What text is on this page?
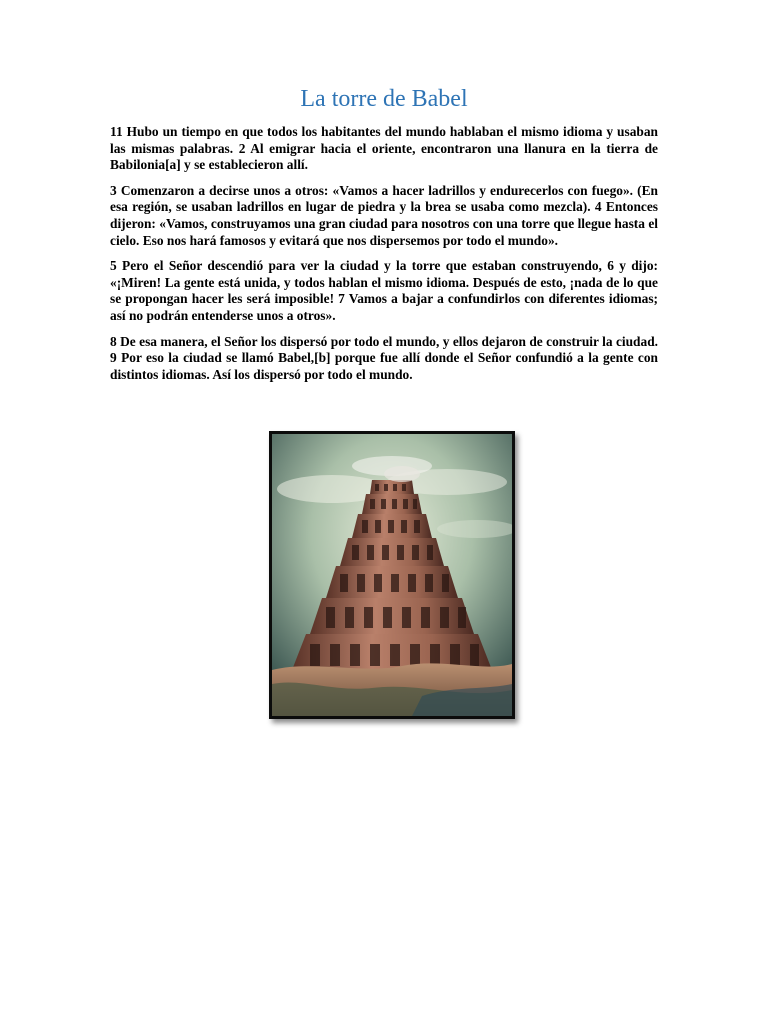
La torre de Babel

11 Hubo un tiempo en que todos los habitantes del mundo hablaban el mismo idioma y usaban las mismas palabras. 2 Al emigrar hacia el oriente, encontraron una llanura en la tierra de Babilonia[a] y se establecieron allí.

3 Comenzaron a decirse unos a otros: «Vamos a hacer ladrillos y endurecerlos con fuego». (En esa región, se usaban ladrillos en lugar de piedra y la brea se usaba como mezcla). 4 Entonces dijeron: «Vamos, construyamos una gran ciudad para nosotros con una torre que llegue hasta el cielo. Eso nos hará famosos y evitará que nos dispersemos por todo el mundo».

5 Pero el Señor descendió para ver la ciudad y la torre que estaban construyendo, 6 y dijo: «¡Miren! La gente está unida, y todos hablan el mismo idioma. Después de esto, ¡nada de lo que se propongan hacer les será imposible! 7 Vamos a bajar a confundirlos con diferentes idiomas; así no podrán entenderse unos a otros».

8 De esa manera, el Señor los dispersó por todo el mundo, y ellos dejaron de construir la ciudad. 9 Por eso la ciudad se llamó Babel,[b] porque fue allí donde el Señor confundió a la gente con distintos idiomas. Así los dispersó por todo el mundo.
